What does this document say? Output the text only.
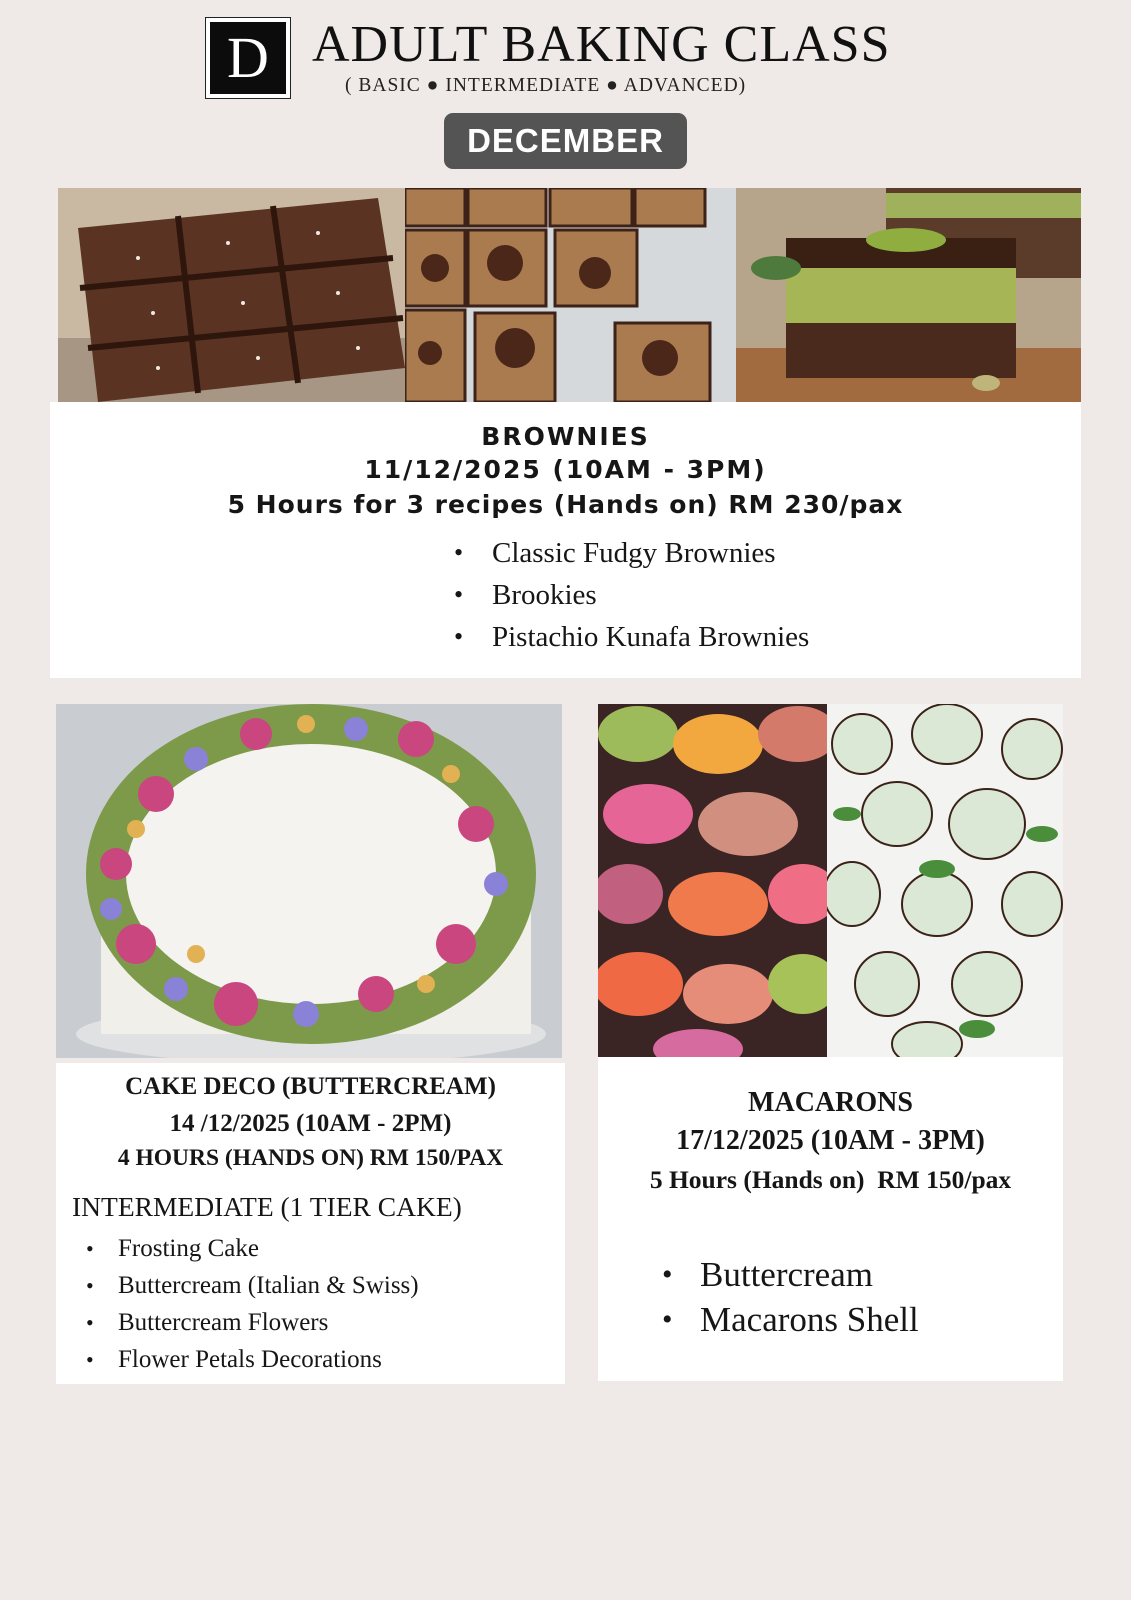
D ADULT BAKING CLASS
( BASIC ● INTERMEDIATE ● ADVANCED)
DECEMBER
BROWNIES
11/12/2025 (10AM - 3PM)
5 Hours for 3 recipes (Hands on) RM 230/pax
• Classic Fudgy Brownies
• Brookies
• Pistachio Kunafa Brownies
CAKE DECO (BUTTERCREAM)
14 /12/2025 (10AM - 2PM)
4 HOURS (HANDS ON) RM 150/PAX
INTERMEDIATE (1 TIER CAKE)
• Frosting Cake
• Buttercream (Italian & Swiss)
• Buttercream Flowers
• Flower Petals Decorations
MACARONS
17/12/2025 (10AM - 3PM)
5 Hours (Hands on)  RM 150/pax
• Buttercream
• Macarons Shell
